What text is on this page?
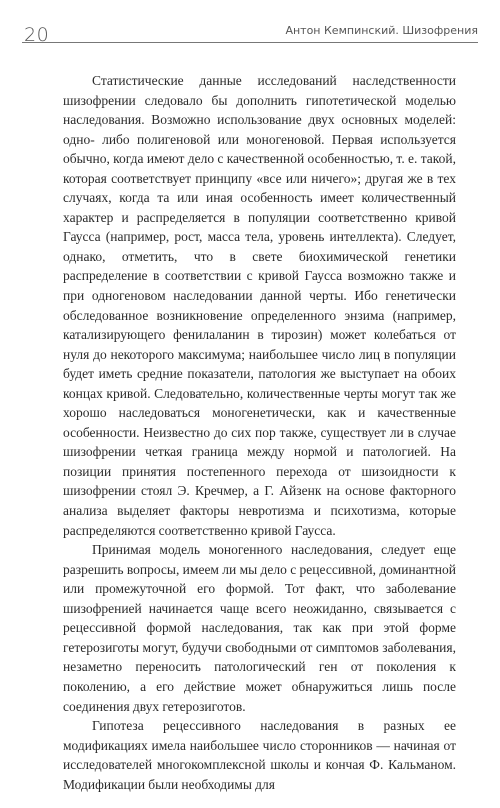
20	Антон Кемпинский. Шизофрения

Статистические данные исследований наследственности шизофрении следовало бы дополнить гипотетической моделью наследования. Возможно использование двух основных моделей: одно- либо полигеновой или моногеновой. Первая используется обычно, когда имеют дело с качественной особенностью, т. е. такой, которая соответствует принципу «все или ничего»; другая же в тех случаях, когда та или иная особенность имеет количественный характер и распределяется в популяции соответственно кривой Гаусса (например, рост, масса тела, уровень интеллекта). Следует, однако, отметить, что в свете биохимической генетики распределение в соответствии с кривой Гаусса возможно также и при одногеновом наследовании данной черты. Ибо генетически обследованное возникновение определенного энзима (например, катализирующего фенилаланин в тирозин) может колебаться от нуля до некоторого максимума; наибольшее число лиц в популяции будет иметь средние показатели, патология же выступает на обоих концах кривой. Следовательно, количественные черты могут так же хорошо наследоваться моногенетически, как и качественные особенности. Неизвестно до сих пор также, существует ли в случае шизофрении четкая граница между нормой и патологией. На позиции принятия постепенного перехода от шизоидности к шизофрении стоял Э. Кречмер, а Г. Айзенк на основе факторного анализа выделяет факторы невротизма и психотизма, которые распределяются соответственно кривой Гаусса.

Принимая модель моногенного наследования, следует еще разрешить вопросы, имеем ли мы дело с рецессивной, доминантной или промежуточной его формой. Тот факт, что заболевание шизофренией начинается чаще всего неожиданно, связывается с рецессивной формой наследования, так как при этой форме гетерозиготы могут, будучи свободными от симптомов заболевания, незаметно переносить патологический ген от поколения к поколению, а его действие может обнаружиться лишь после соединения двух гетерозиготов.

Гипотеза рецессивного наследования в разных ее модификациях имела наибольшее число сторонников — начиная от исследователей многокомплексной школы и кончая Ф. Кальманом. Модификации были необходимы для
